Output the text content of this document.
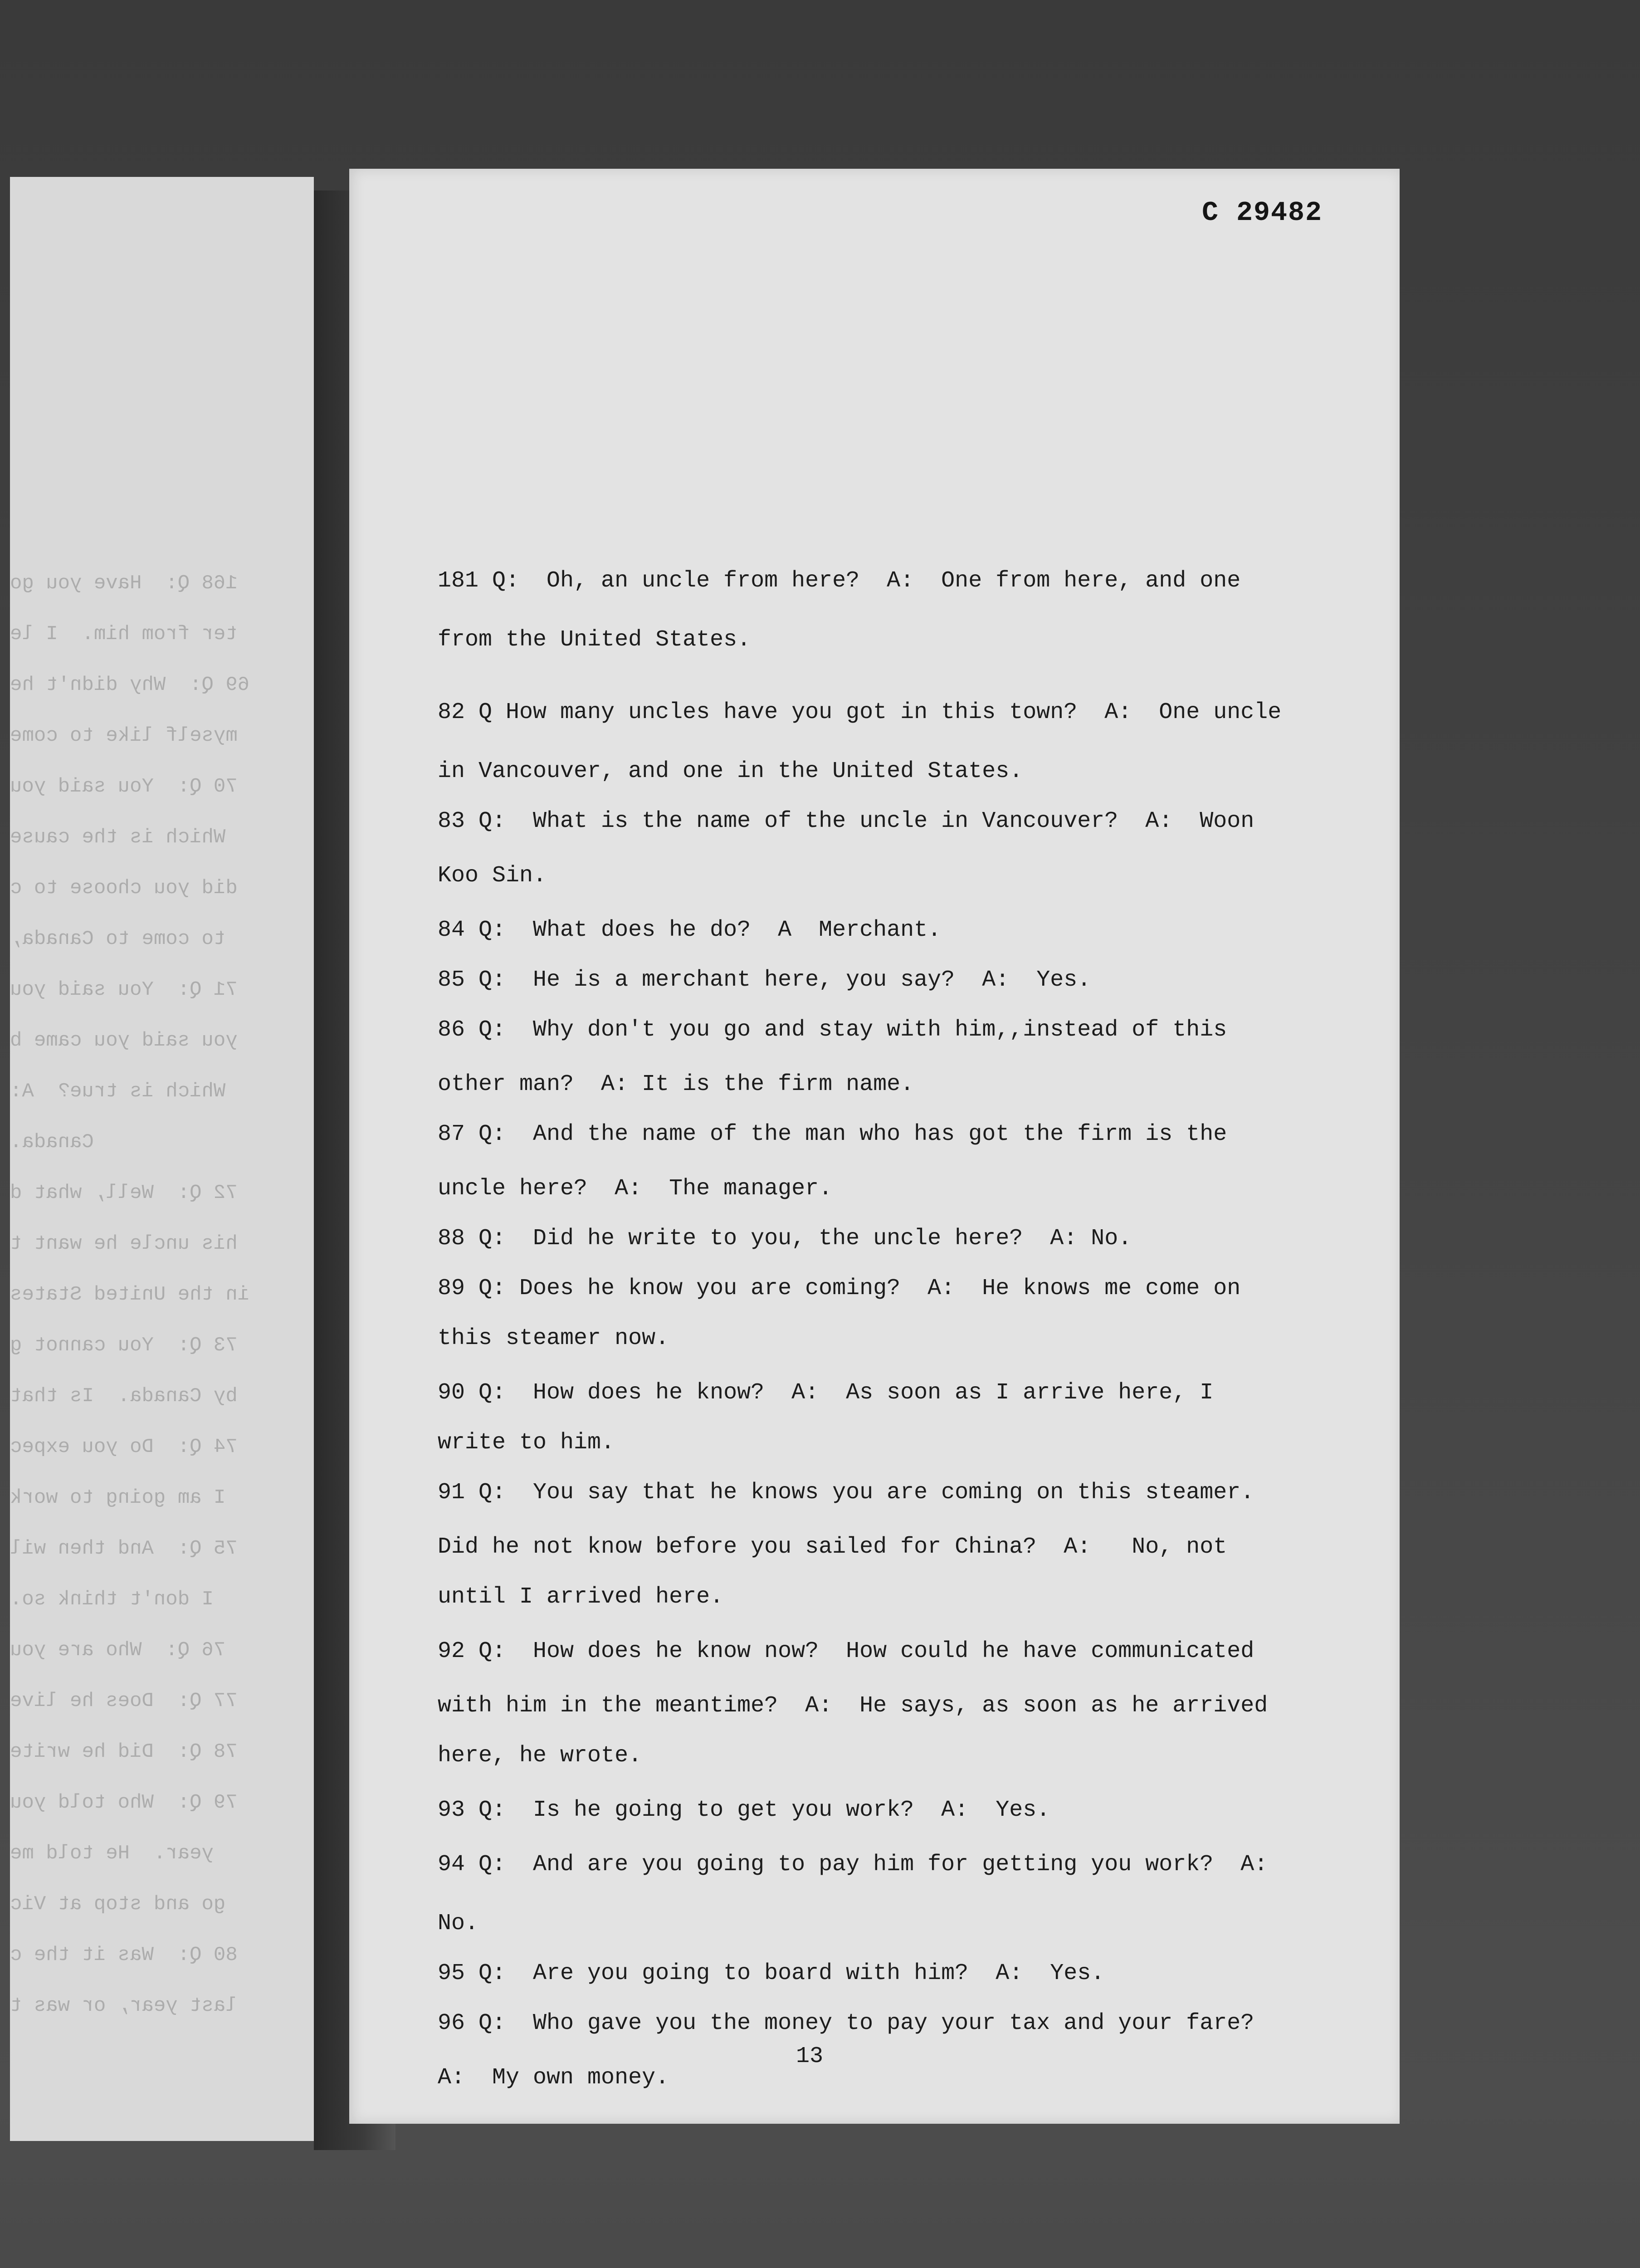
168 Q:  Have you go
ter from him.  I le
69 Q:  Why didn't he
myself like to come
70 Q:  You said you
Which is the cause
did you choose to c
to come to Canada,
71 Q:  You said you
you said you came b
Which is true?  A:
Canada.
72 Q:  Well, what d
his uncle he want t
in the United States
73 Q:  You cannot g
by Canada.  Is that
74 Q:  Do you expec
I am going to work
75 Q:  And then wil
I don't think so.
76 Q:  Who are you
77 Q:  Does he live
78 Q:  Did he write
79 Q:  Who told you
year.  He told me
go and stop at Vic
80 Q:  Was it the c
last year, or was t
C 29482
181 Q:  Oh, an uncle from here?  A:  One from here, and one
from the United States.
82 Q How many uncles have you got in this town?  A:  One uncle
in Vancouver, and one in the United States.
83 Q:  What is the name of the uncle in Vancouver?  A:  Woon
Koo Sin.
84 Q:  What does he do?  A  Merchant.
85 Q:  He is a merchant here, you say?  A:  Yes.
86 Q:  Why don't you go and stay with him,,instead of this
other man?  A: It is the firm name.
87 Q:  And the name of the man who has got the firm is the
uncle here?  A:  The manager.
88 Q:  Did he write to you, the uncle here?  A: No.
89 Q: Does he know you are coming?  A:  He knows me come on
this steamer now.
90 Q:  How does he know?  A:  As soon as I arrive here, I
write to him.
91 Q:  You say that he knows you are coming on this steamer.
Did he not know before you sailed for China?  A:   No, not
until I arrived here.
92 Q:  How does he know now?  How could he have communicated
with him in the meantime?  A:  He says, as soon as he arrived
here, he wrote.
93 Q:  Is he going to get you work?  A:  Yes.
94 Q:  And are you going to pay him for getting you work?  A:
No.
95 Q:  Are you going to board with him?  A:  Yes.
96 Q:  Who gave you the money to pay your tax and your fare?
A:  My own money.
13
